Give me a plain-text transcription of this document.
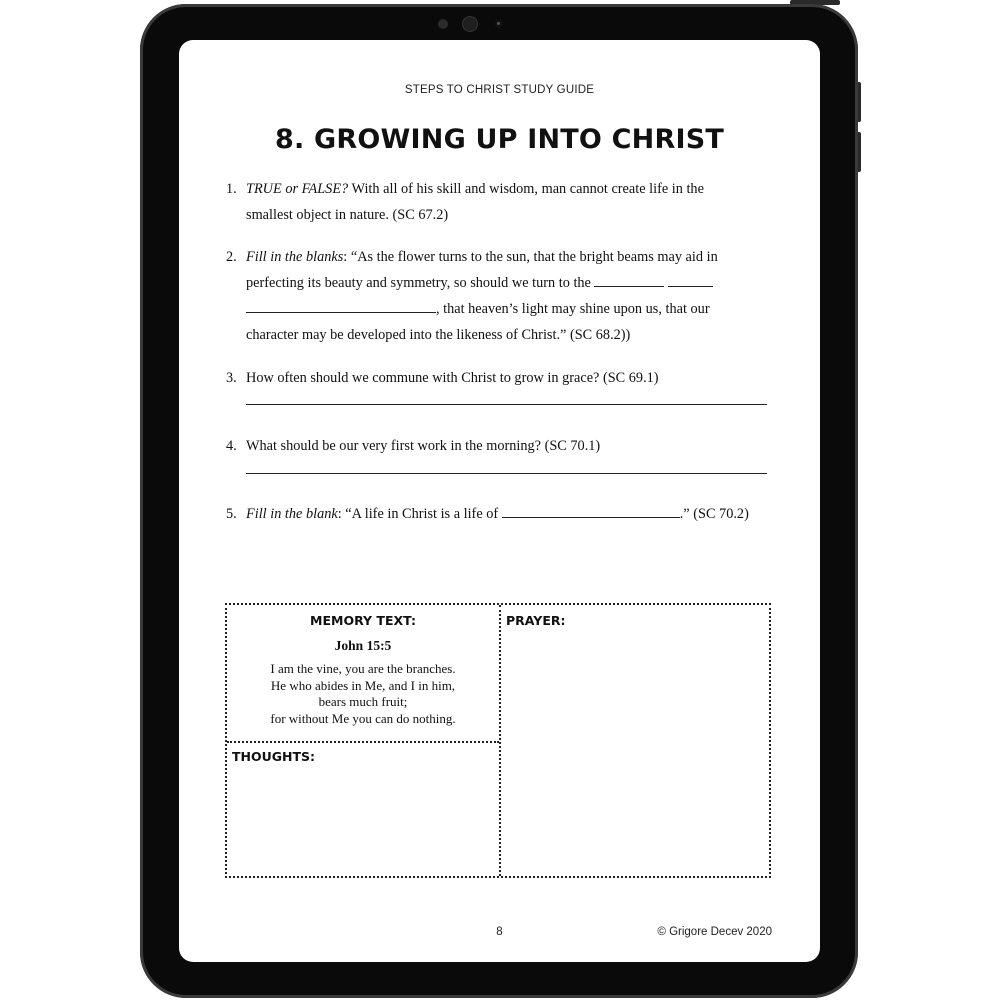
STEPS TO CHRIST STUDY GUIDE
8. GROWING UP INTO CHRIST
1. TRUE or FALSE? With all of his skill and wisdom, man cannot create life in the
smallest object in nature. (SC 67.2)
2. Fill in the blanks: “As the flower turns to the sun, that the bright beams may aid in
perfecting its beauty and symmetry, so should we turn to the
, that heaven’s light may shine upon us, that our
character may be developed into the likeness of Christ.” (SC 68.2))
3. How often should we commune with Christ to grow in grace? (SC 69.1)
4. What should be our very first work in the morning? (SC 70.1)
5. Fill in the blank: “A life in Christ is a life of	.” (SC 70.2)
MEMORY TEXT:
John 15:5
I am the vine, you are the branches.
He who abides in Me, and I in him,
bears much fruit;
for without Me you can do nothing.
PRAYER:
THOUGHTS:
8	© Grigore Decev 2020
